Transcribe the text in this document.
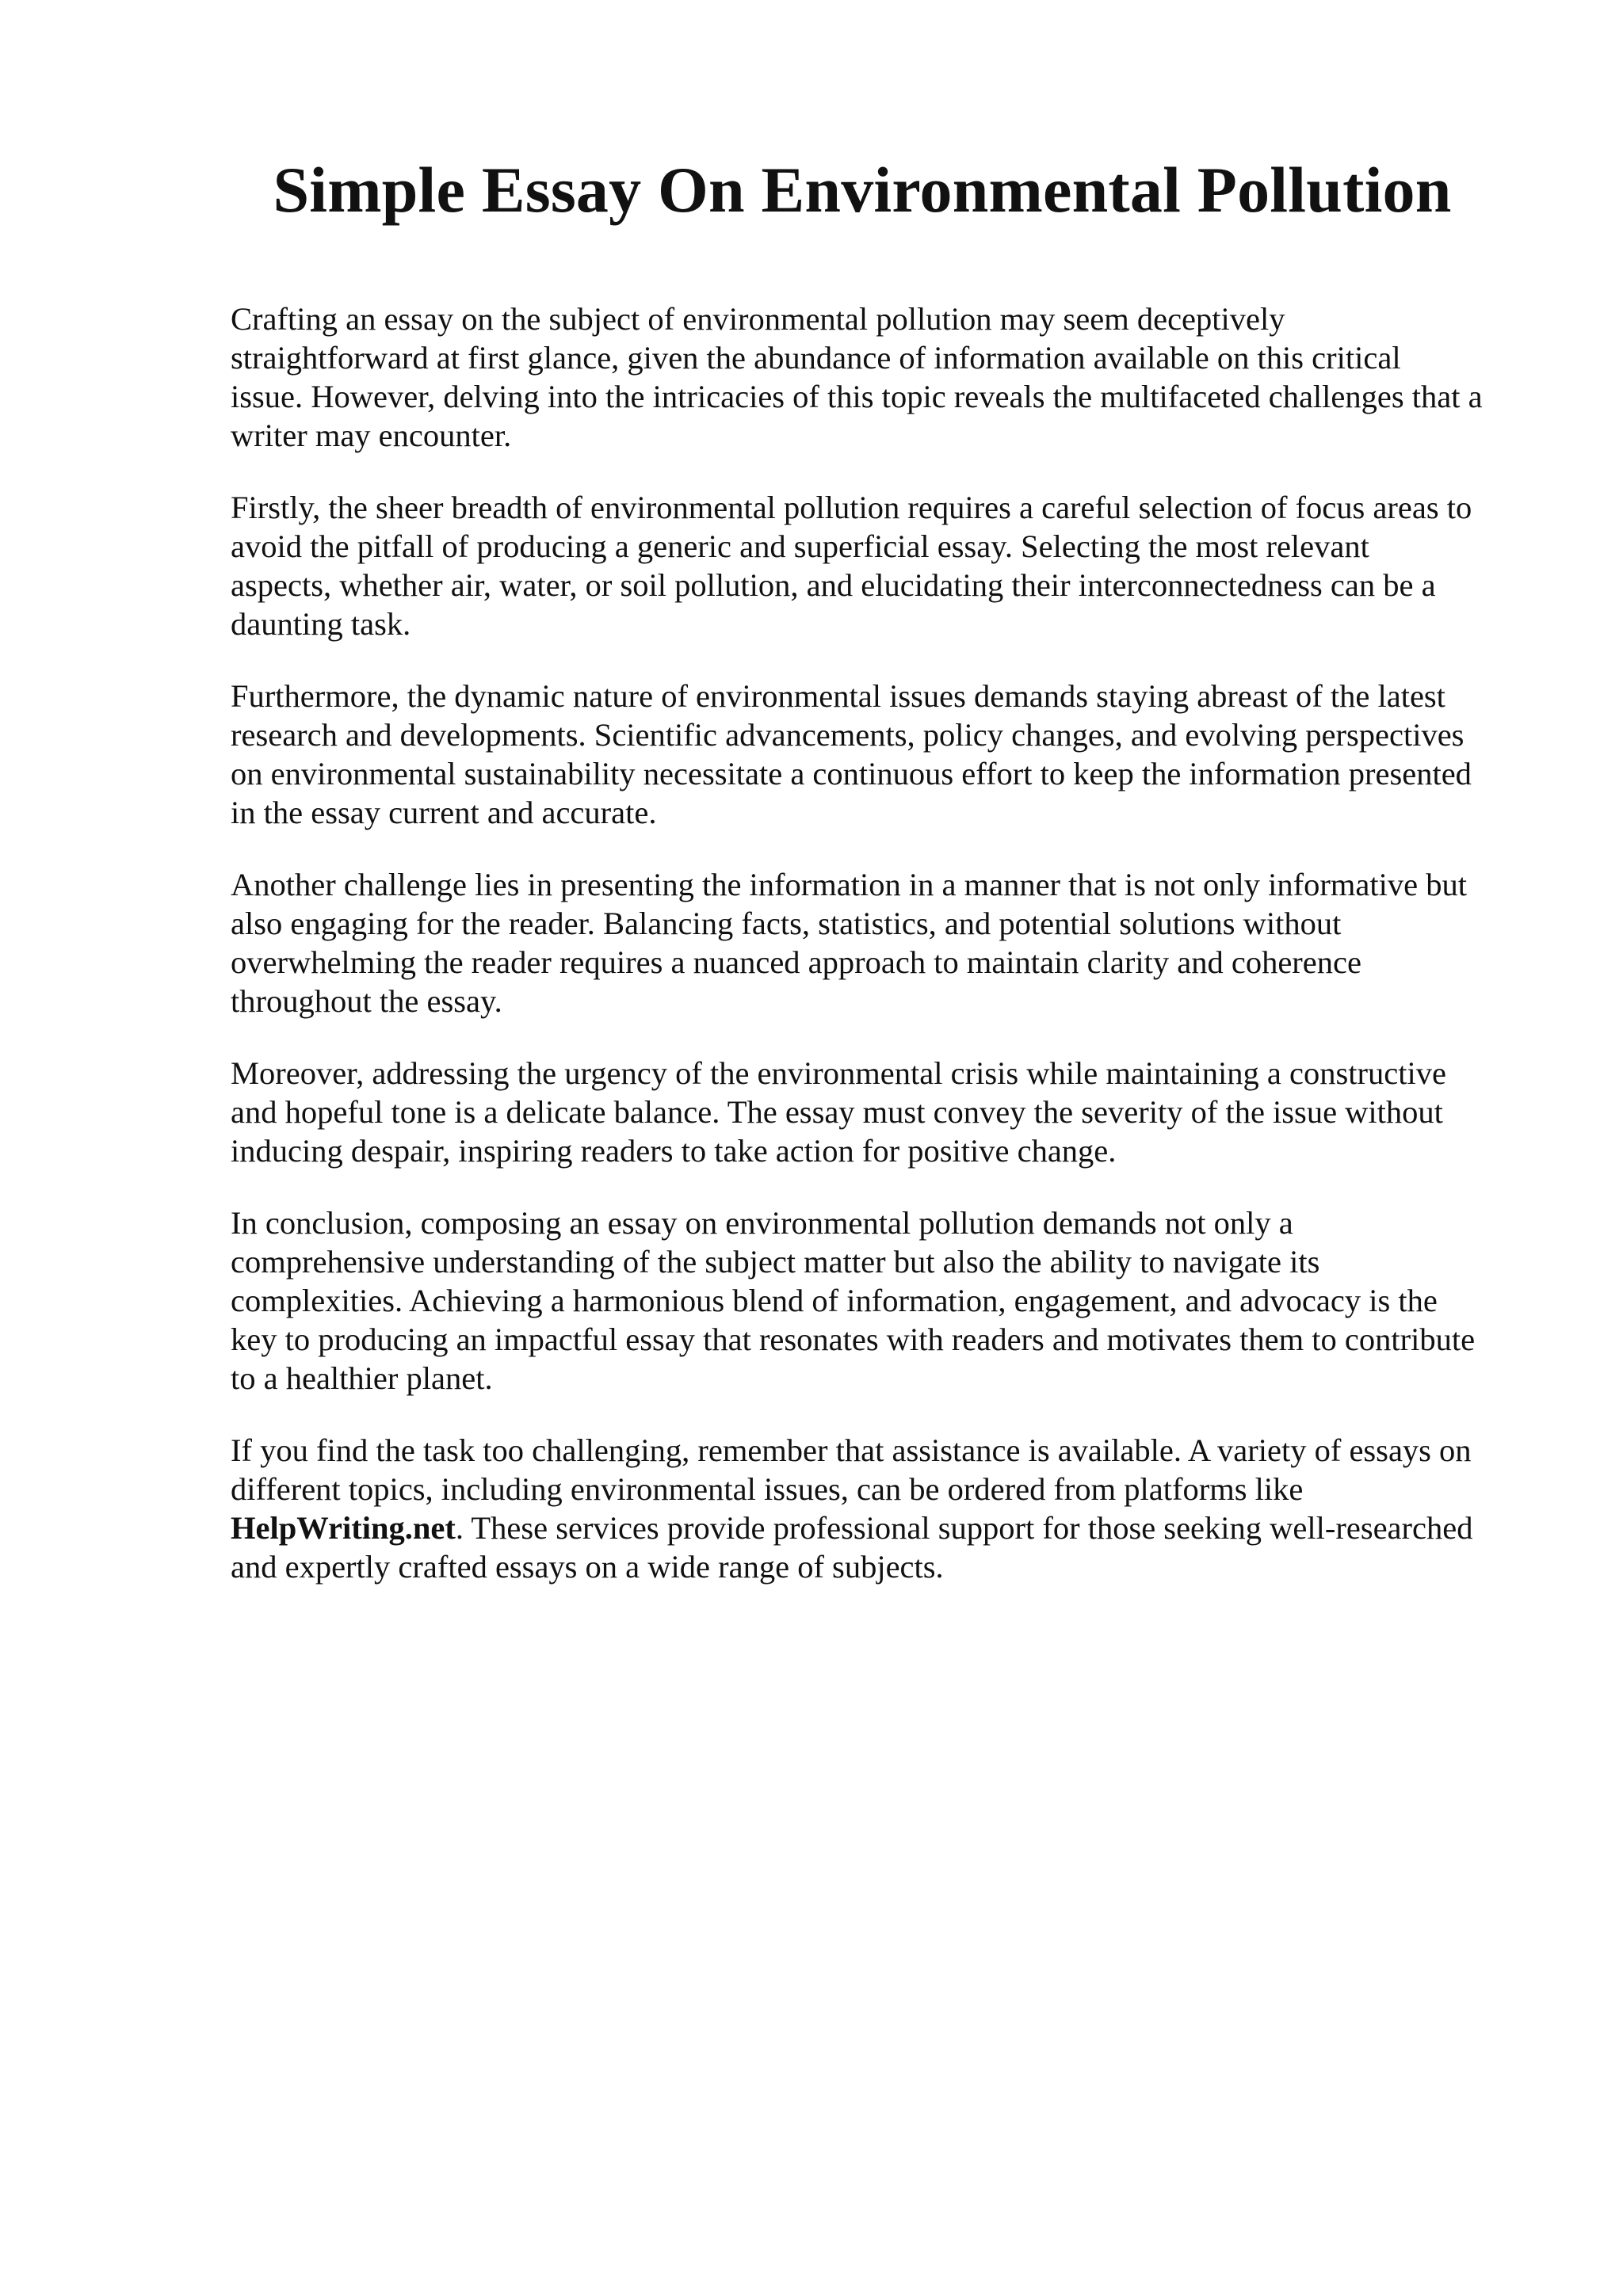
Simple Essay On Environmental Pollution

Crafting an essay on the subject of environmental pollution may seem deceptively
straightforward at first glance, given the abundance of information available on this critical
issue. However, delving into the intricacies of this topic reveals the multifaceted challenges that a
writer may encounter.

Firstly, the sheer breadth of environmental pollution requires a careful selection of focus areas to
avoid the pitfall of producing a generic and superficial essay. Selecting the most relevant
aspects, whether air, water, or soil pollution, and elucidating their interconnectedness can be a
daunting task.

Furthermore, the dynamic nature of environmental issues demands staying abreast of the latest
research and developments. Scientific advancements, policy changes, and evolving perspectives
on environmental sustainability necessitate a continuous effort to keep the information presented
in the essay current and accurate.

Another challenge lies in presenting the information in a manner that is not only informative but
also engaging for the reader. Balancing facts, statistics, and potential solutions without
overwhelming the reader requires a nuanced approach to maintain clarity and coherence
throughout the essay.

Moreover, addressing the urgency of the environmental crisis while maintaining a constructive
and hopeful tone is a delicate balance. The essay must convey the severity of the issue without
inducing despair, inspiring readers to take action for positive change.

In conclusion, composing an essay on environmental pollution demands not only a
comprehensive understanding of the subject matter but also the ability to navigate its
complexities. Achieving a harmonious blend of information, engagement, and advocacy is the
key to producing an impactful essay that resonates with readers and motivates them to contribute
to a healthier planet.

If you find the task too challenging, remember that assistance is available. A variety of essays on
different topics, including environmental issues, can be ordered from platforms like
HelpWriting.net. These services provide professional support for those seeking well-researched
and expertly crafted essays on a wide range of subjects.
